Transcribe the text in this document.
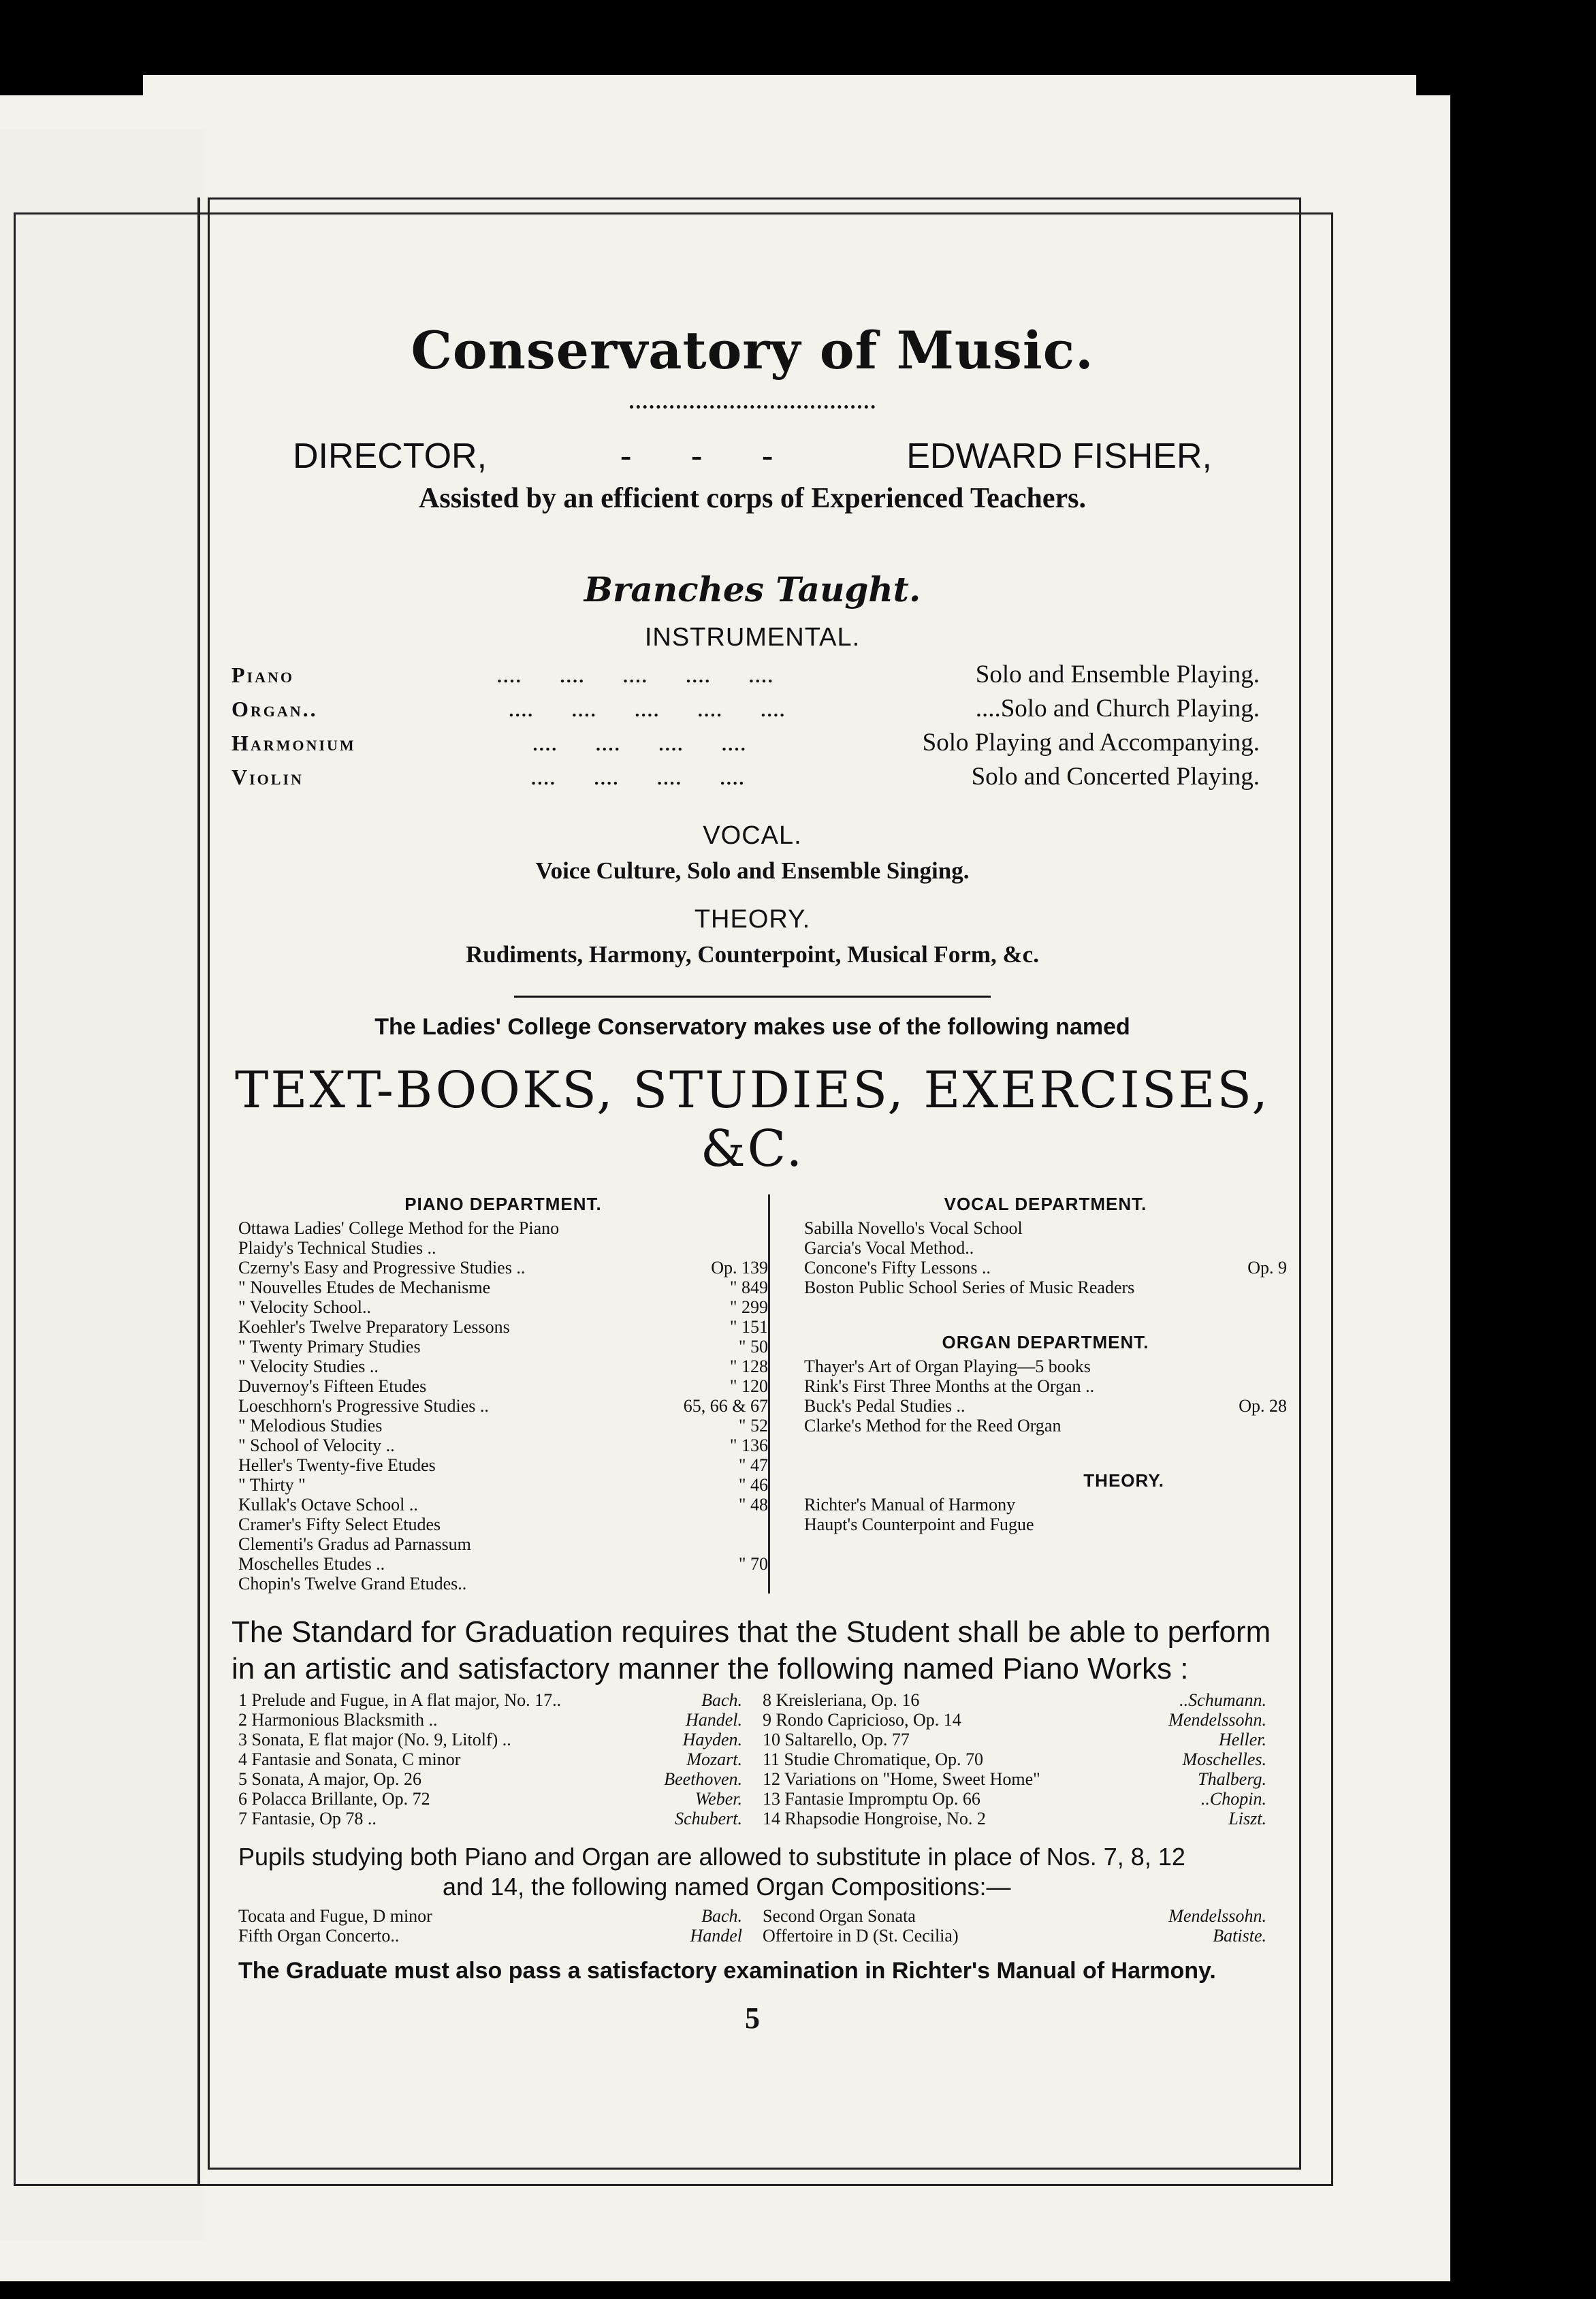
Conservatory of Music.
DIRECTOR,	-      -      -	EDWARD FISHER,
Assisted by an efficient corps of Experienced Teachers.
Branches Taught.
INSTRUMENTAL.
Piano	....      ....      ....      ....      ....	Solo and Ensemble Playing.
Organ..	....      ....      ....      ....      ....	....Solo and Church Playing.
Harmonium	....      ....      ....      ....	Solo Playing and Accompanying.
Violin	....      ....      ....      ....	Solo and Concerted Playing.
VOCAL.
Voice Culture, Solo and Ensemble Singing.
THEORY.
Rudiments, Harmony, Counterpoint, Musical Form, &c.
The Ladies' College Conservatory makes use of the following named
TEXT-BOOKS, STUDIES, EXERCISES, &C.
PIANO DEPARTMENT.
Ottawa Ladies' College Method for the Piano
Plaidy's Technical Studies ..
Czerny's Easy and Progressive Studies ..	Op. 139
" Nouvelles Etudes de Mechanisme	" 849
" Velocity School..	" 299
Koehler's Twelve Preparatory Lessons	" 151
" Twenty Primary Studies	" 50
" Velocity Studies ..	" 128
Duvernoy's Fifteen Etudes	" 120
Loeschhorn's Progressive Studies ..	65, 66 & 67
" Melodious Studies	" 52
" School of Velocity ..	" 136
Heller's Twenty-five Etudes	" 47
" Thirty "	" 46
Kullak's Octave School ..	" 48
Cramer's Fifty Select Etudes
Clementi's Gradus ad Parnassum
Moschelles Etudes ..	" 70
Chopin's Twelve Grand Etudes..
VOCAL DEPARTMENT.
Sabilla Novello's Vocal School
Garcia's Vocal Method..
Concone's Fifty Lessons ..	Op. 9
Boston Public School Series of Music Readers
ORGAN DEPARTMENT.
Thayer's Art of Organ Playing—5 books
Rink's First Three Months at the Organ ..
Buck's Pedal Studies ..	Op. 28
Clarke's Method for the Reed Organ
THEORY.
Richter's Manual of Harmony
Haupt's Counterpoint and Fugue
The Standard for Graduation requires that the Student shall be able to perform in an artistic and satisfactory manner the following named Piano Works :
1 Prelude and Fugue, in A flat major, No. 17..	Bach.
2 Harmonious Blacksmith ..	Handel.
3 Sonata, E flat major (No. 9, Litolf) ..	Hayden.
4 Fantasie and Sonata, C minor	Mozart.
5 Sonata, A major, Op. 26	Beethoven.
6 Polacca Brillante, Op. 72	Weber.
7 Fantasie, Op 78 ..	Schubert.
8 Kreisleriana, Op. 16	..Schumann.
9 Rondo Capricioso, Op. 14	Mendelssohn.
10 Saltarello, Op. 77	Heller.
11 Studie Chromatique, Op. 70	Moschelles.
12 Variations on "Home, Sweet Home"	Thalberg.
13 Fantasie Impromptu Op. 66	..Chopin.
14 Rhapsodie Hongroise, No. 2	Liszt.
Pupils studying both Piano and Organ are allowed to substitute in place of Nos. 7, 8, 12
and 14, the following named Organ Compositions:—
Tocata and Fugue, D minor	Bach.
Fifth Organ Concerto..	Handel
Second Organ Sonata	Mendelssohn.
Offertoire in D (St. Cecilia)	Batiste.
The Graduate must also pass a satisfactory examination in Richter's Manual of Harmony.
5
